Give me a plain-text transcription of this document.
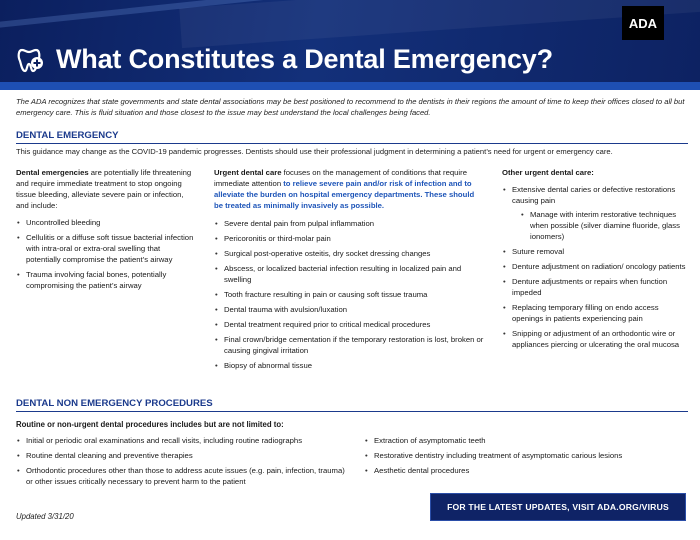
ADA
What Constitutes a Dental Emergency?
The ADA recognizes that state governments and state dental associations may be best positioned to recommend to the dentists in their regions the amount of time to keep their offices closed to all but emergency care. This is fluid situation and those closest to the issue may best understand the local challenges being faced.
DENTAL EMERGENCY
This guidance may change as the COVID-19 pandemic progresses. Dentists should use their professional judgment in determining a patient’s need for urgent or emergency care.
Dental emergencies are potentially life threatening and require immediate treatment to stop ongoing tissue bleeding, alleviate severe pain or infection, and include:
• Uncontrolled bleeding
• Cellulitis or a diffuse soft tissue bacterial infection with intra-oral or extra-oral swelling that potentially compromise the patient’s airway
• Trauma involving facial bones, potentially compromising the patient’s airway
Urgent dental care focuses on the management of conditions that require immediate attention to relieve severe pain and/or risk of infection and to alleviate the burden on hospital emergency departments. These should be treated as minimally invasively as possible.
• Severe dental pain from pulpal inflammation
• Pericoronitis or third-molar pain
• Surgical post-operative osteitis, dry socket dressing changes
• Abscess, or localized bacterial infection resulting in localized pain and swelling
• Tooth fracture resulting in pain or causing soft tissue trauma
• Dental trauma with avulsion/luxation
• Dental treatment required prior to critical medical procedures
• Final crown/bridge cementation if the temporary restoration is lost, broken or causing gingival irritation
• Biopsy of abnormal tissue
Other urgent dental care:
• Extensive dental caries or defective restorations causing pain
• Manage with interim restorative techniques when possible (silver diamine fluoride, glass ionomers)
• Suture removal
• Denture adjustment on radiation/ oncology patients
• Denture adjustments or repairs when function impeded
• Replacing temporary filling on endo access openings in patients experiencing pain
• Snipping or adjustment of an orthodontic wire or appliances piercing or ulcerating the oral mucosa
DENTAL NON EMERGENCY PROCEDURES
Routine or non-urgent dental procedures includes but are not limited to:
• Initial or periodic oral examinations and recall visits, including routine radiographs
• Routine dental cleaning and preventive therapies
• Orthodontic procedures other than those to address acute issues (e.g. pain, infection, trauma) or other issues critically necessary to prevent harm to the patient
• Extraction of asymptomatic teeth
• Restorative dentistry including treatment of asymptomatic carious lesions
• Aesthetic dental procedures
Updated 3/31/20
FOR THE LATEST UPDATES, VISIT ADA.ORG/VIRUS
